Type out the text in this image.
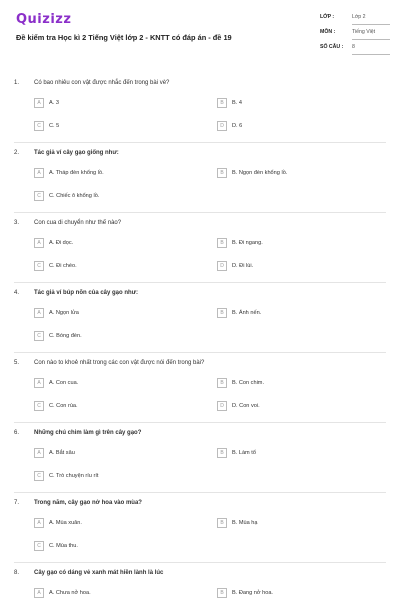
Quizizz
Đề kiểm tra Học kì 2 Tiếng Việt lớp 2 - KNTT có đáp án - đề 19
LỚP :	Lớp 2
MÔN :	Tiếng Việt
SỐ CÂU : 8
1. Có bao nhiêu con vật được nhắc đến trong bài vè?
A	A. 3	B	B. 4
C	C. 5	D	D. 6
2. Tác giả ví cây gạo giống như:
A	A. Tháp đèn khổng lồ.	B	B. Ngọn đèn khổng lồ.
C	C. Chiếc ô khổng lồ.
3. Con cua di chuyển như thế nào?
A	A. Đi dọc.	B	B. Đi ngang.
C	C. Đi chéo.	D	D. Đi lùi.
4. Tác giả ví búp nõn của cây gạo như:
A	A. Ngọn lửa	B	B. Ánh nến.
C	C. Bóng đèn.
5. Con nào to khoẻ nhất trong các con vật được nói đến trong bài?
A	A. Con cua.	B	B. Con chim.
C	C. Con rùa.	D	D. Con voi.
6. Những chú chim làm gì trên cây gạo?
A	A. Bắt sâu	B	B. Làm tổ
C	C. Trò chuyện ríu rít
7. Trong năm, cây gạo nở hoa vào mùa?
A	A. Mùa xuân.	B	B. Mùa hạ
C	C. Mùa thu.
8. Cây gạo có dáng vẻ xanh mát hiền lành là lúc
A	A. Chưa nở hoa.	B	B. Đang nở hoa.
